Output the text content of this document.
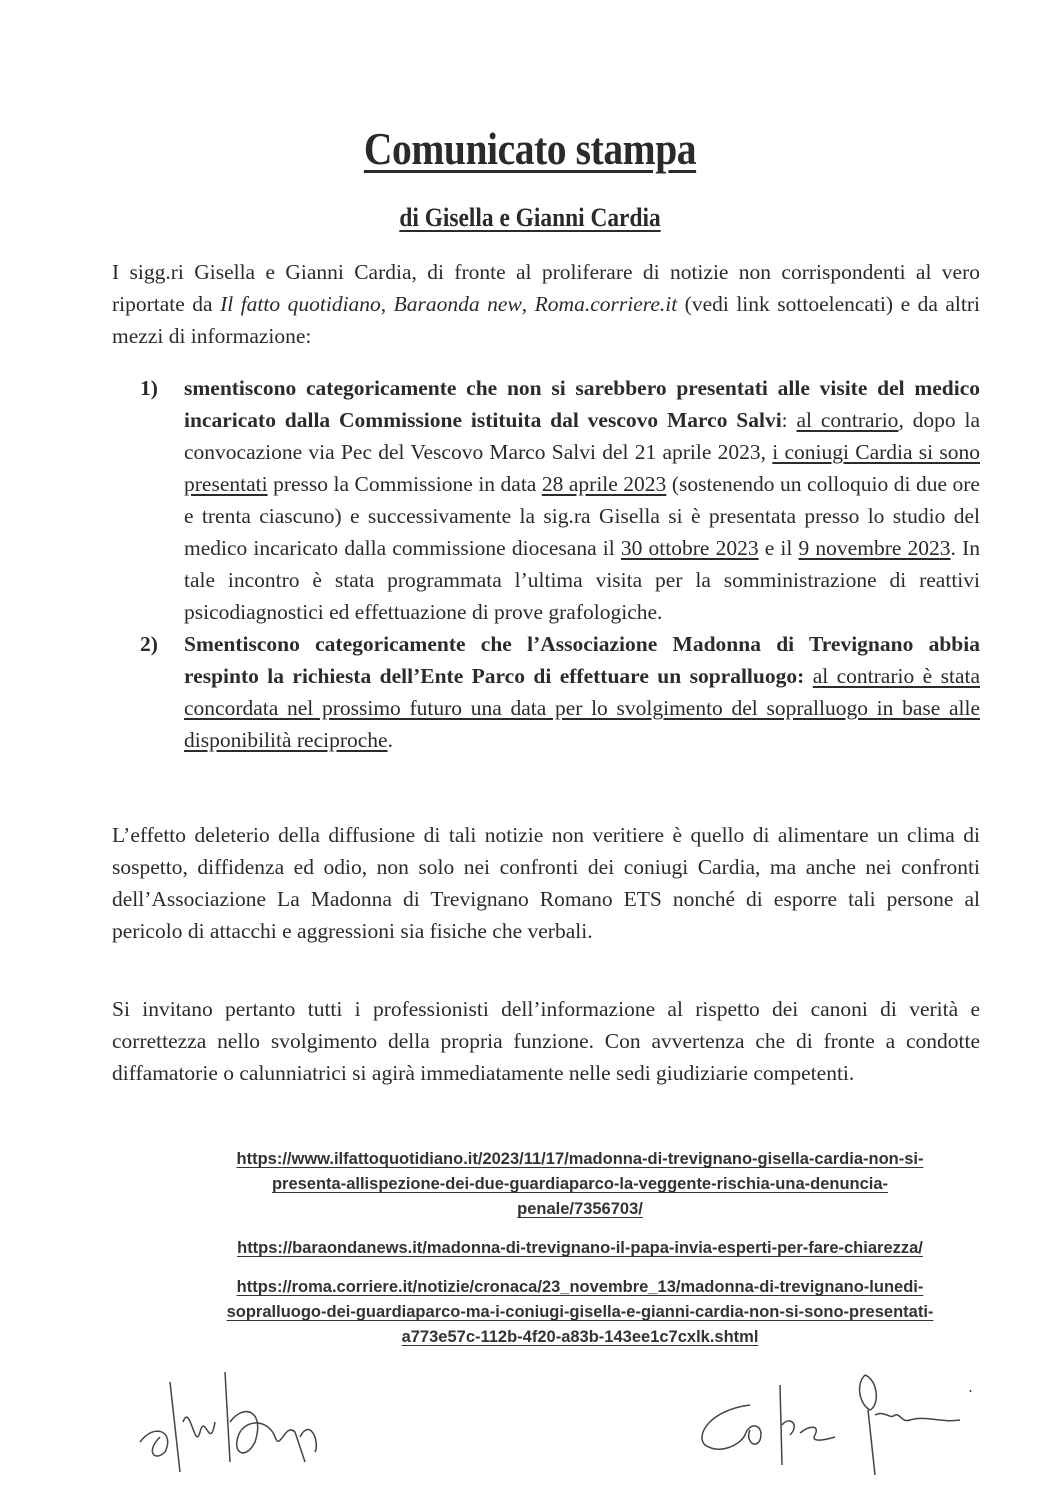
Comunicato stampa
di Gisella e Gianni Cardia
I sigg.ri Gisella e Gianni Cardia, di fronte al proliferare di notizie non corrispondenti al vero riportate da Il fatto quotidiano, Baraonda new, Roma.corriere.it (vedi link sottoelencati) e da altri mezzi di informazione:
1) smentiscono categoricamente che non si sarebbero presentati alle visite del medico incaricato dalla Commissione istituita dal vescovo Marco Salvi: al contrario, dopo la convocazione via Pec del Vescovo Marco Salvi del 21 aprile 2023, i coniugi Cardia si sono presentati presso la Commissione in data 28 aprile 2023 (sostenendo un colloquio di due ore e trenta ciascuno) e successivamente la sig.ra Gisella si è presentata presso lo studio del medico incaricato dalla commissione diocesana il 30 ottobre 2023 e il 9 novembre 2023. In tale incontro è stata programmata l’ultima visita per la somministrazione di reattivi psicodiagnostici ed effettuazione di prove grafologiche.
2) Smentiscono categoricamente che l’Associazione Madonna di Trevignano abbia respinto la richiesta dell’Ente Parco di effettuare un sopralluogo: al contrario è stata concordata nel prossimo futuro una data per lo svolgimento del sopralluogo in base alle disponibilità reciproche.
L’effetto deleterio della diffusione di tali notizie non veritiere è quello di alimentare un clima di sospetto, diffidenza ed odio, non solo nei confronti dei coniugi Cardia, ma anche nei confronti dell’Associazione La Madonna di Trevignano Romano ETS nonché di esporre tali persone al pericolo di attacchi e aggressioni sia fisiche che verbali.
Si invitano pertanto tutti i professionisti dell’informazione al rispetto dei canoni di verità e correttezza nello svolgimento della propria funzione. Con avvertenza che di fronte a condotte diffamatorie o calunniatrici si agirà immediatamente nelle sedi giudiziarie competenti.
https://www.ilfattoquotidiano.it/2023/11/17/madonna-di-trevignano-gisella-cardia-non-si-
presenta-allispezione-dei-due-guardiaparco-la-veggente-rischia-una-denuncia-
penale/7356703/
https://baraondanews.it/madonna-di-trevignano-il-papa-invia-esperti-per-fare-chiarezza/
https://roma.corriere.it/notizie/cronaca/23_novembre_13/madonna-di-trevignano-lunedi-
sopralluogo-dei-guardiaparco-ma-i-coniugi-gisella-e-gianni-cardia-non-si-sono-presentati-
a773e57c-112b-4f20-a83b-143ee1c7cxlk.shtml
